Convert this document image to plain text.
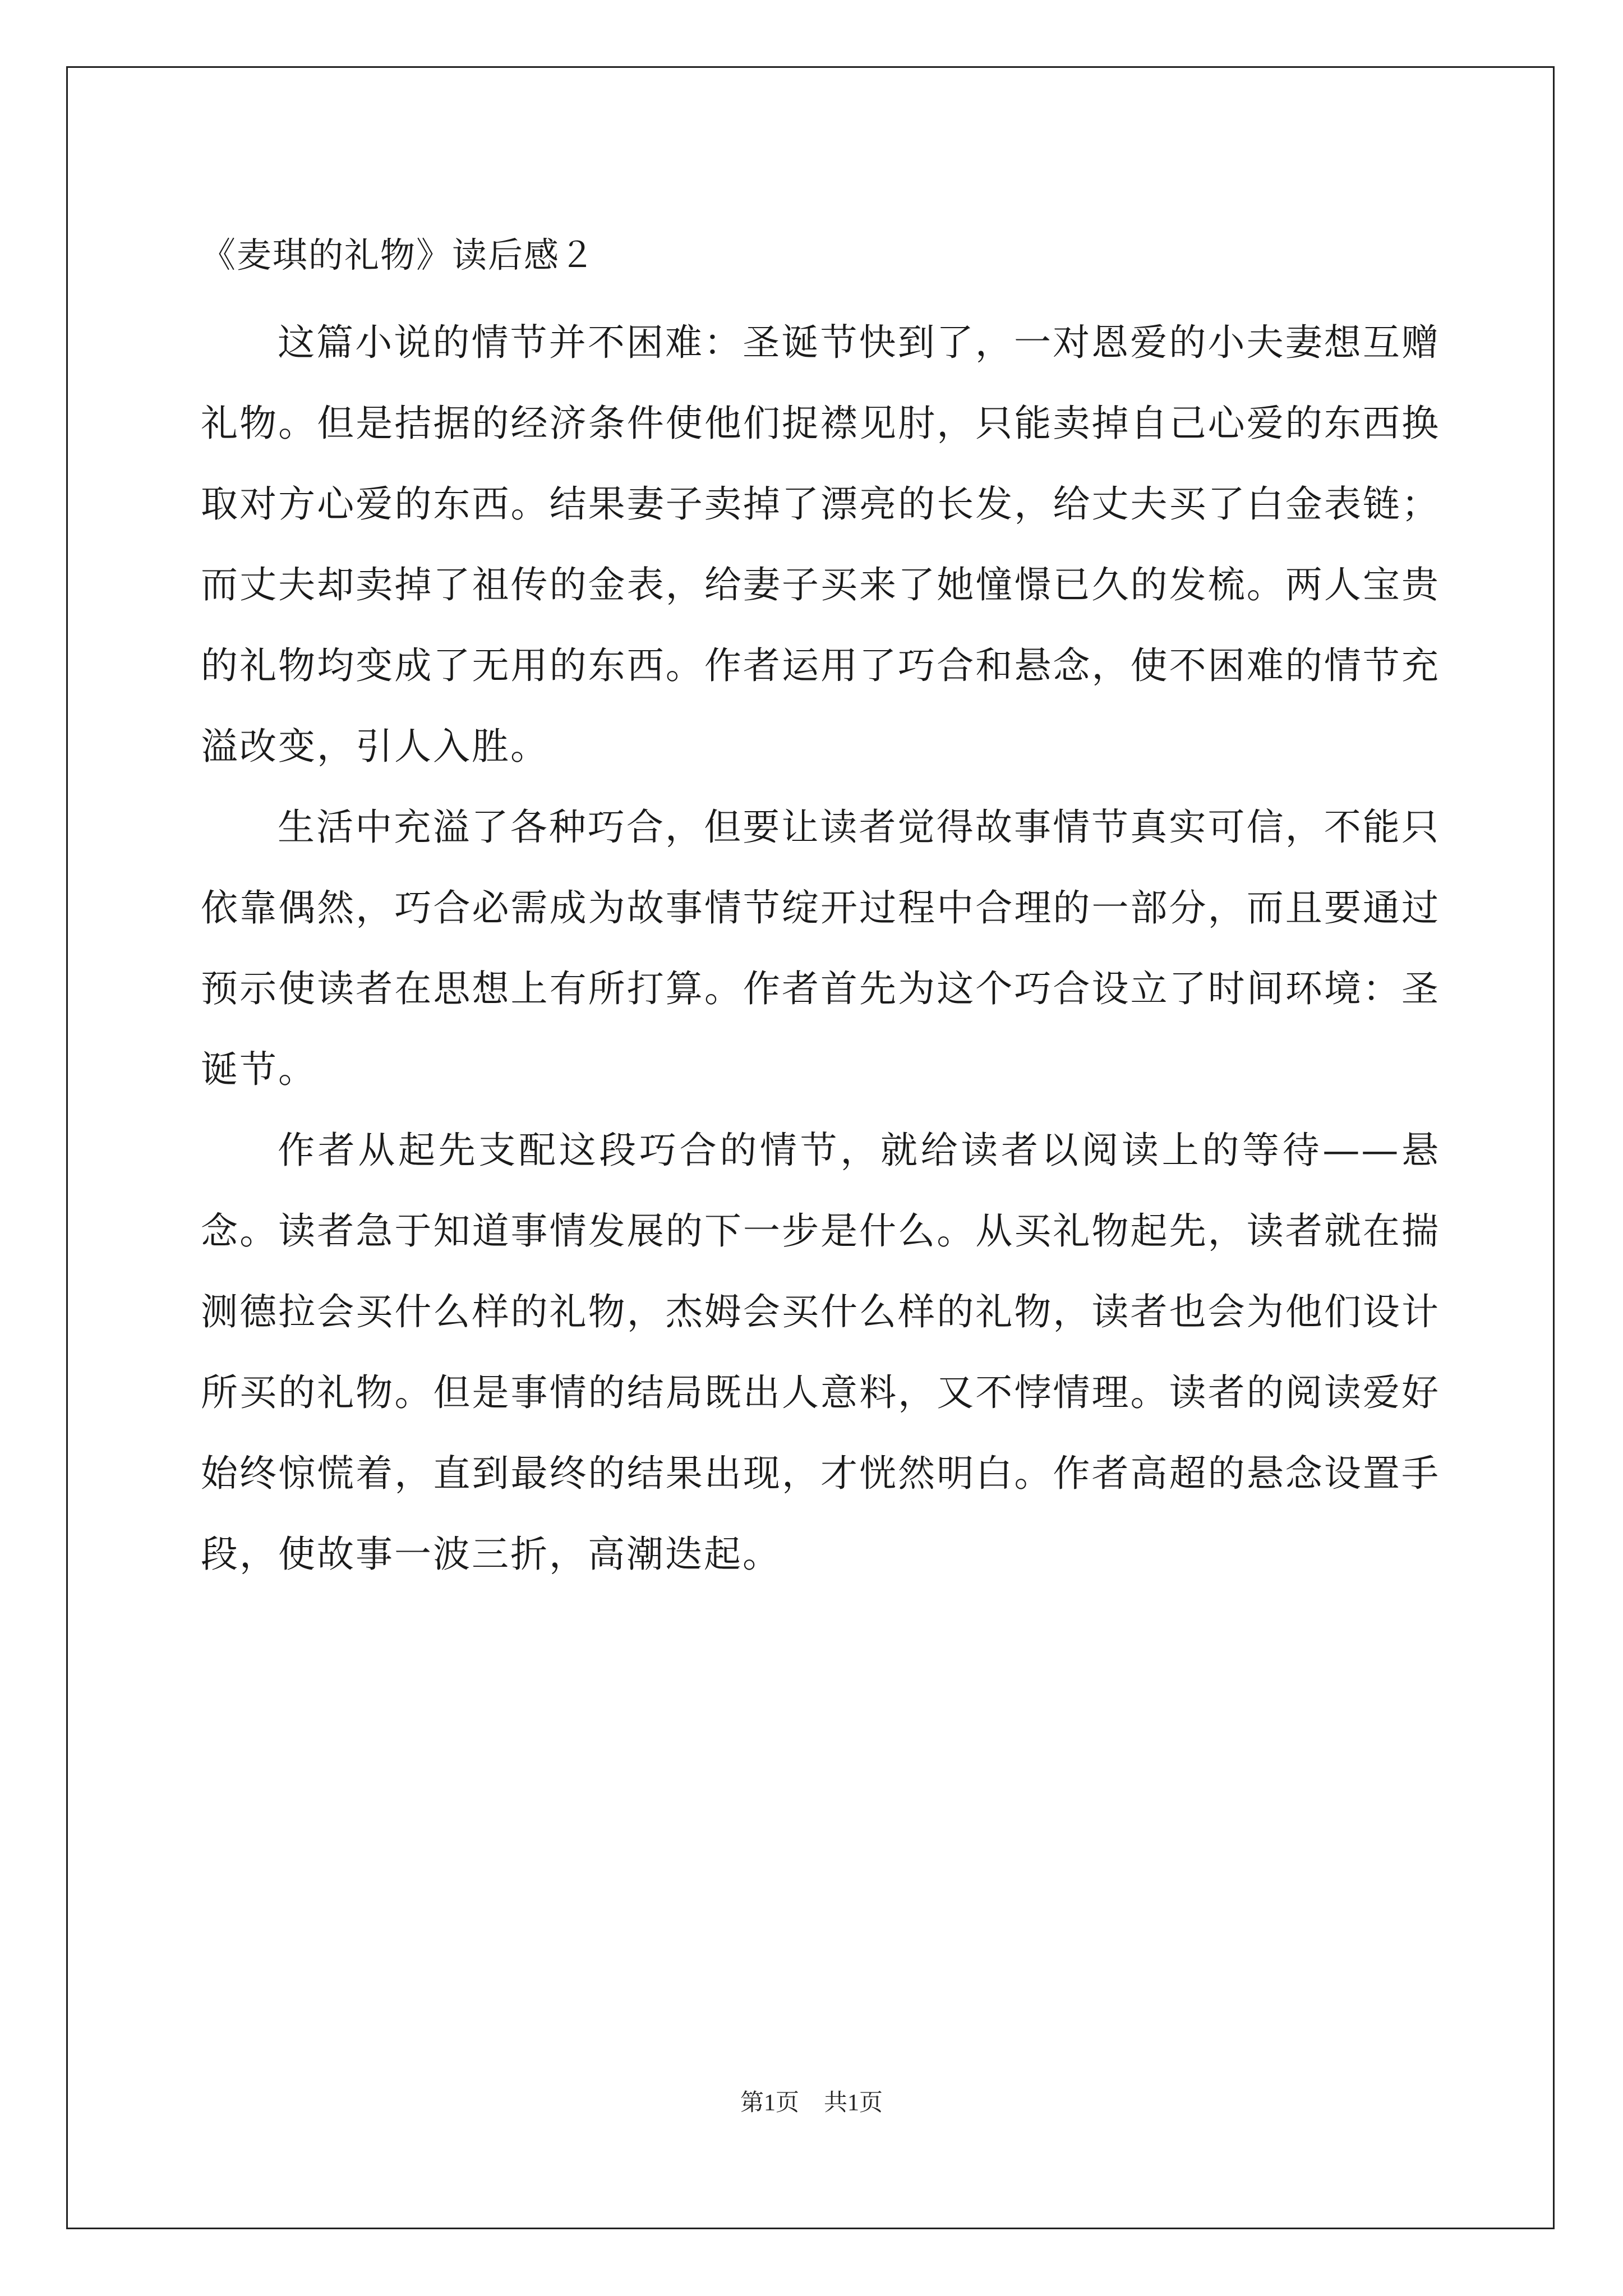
《麦琪的礼物》读后感２

这篇小说的情节并不困难：圣诞节快到了，一对恩爱的小夫妻想互赠礼物。但是拮据的经济条件使他们捉襟见肘，只能卖掉自己心爱的东西换取对方心爱的东西。结果妻子卖掉了漂亮的长发，给丈夫买了白金表链；而丈夫却卖掉了祖传的金表，给妻子买来了她憧憬已久的发梳。两人宝贵的礼物均变成了无用的东西。作者运用了巧合和悬念，使不困难的情节充溢改变，引人入胜。

生活中充溢了各种巧合，但要让读者觉得故事情节真实可信，不能只依靠偶然，巧合必需成为故事情节绽开过程中合理的一部分，而且要通过预示使读者在思想上有所打算。作者首先为这个巧合设立了时间环境：圣诞节。

作者从起先支配这段巧合的情节，就给读者以阅读上的等待——悬念。读者急于知道事情发展的下一步是什么。从买礼物起先，读者就在揣测德拉会买什么样的礼物，杰姆会买什么样的礼物，读者也会为他们设计所买的礼物。但是事情的结局既出人意料，又不悖情理。读者的阅读爱好始终惊慌着，直到最终的结果出现，才恍然明白。作者高超的悬念设置手段，使故事一波三折，高潮迭起。

第1页 共1页
